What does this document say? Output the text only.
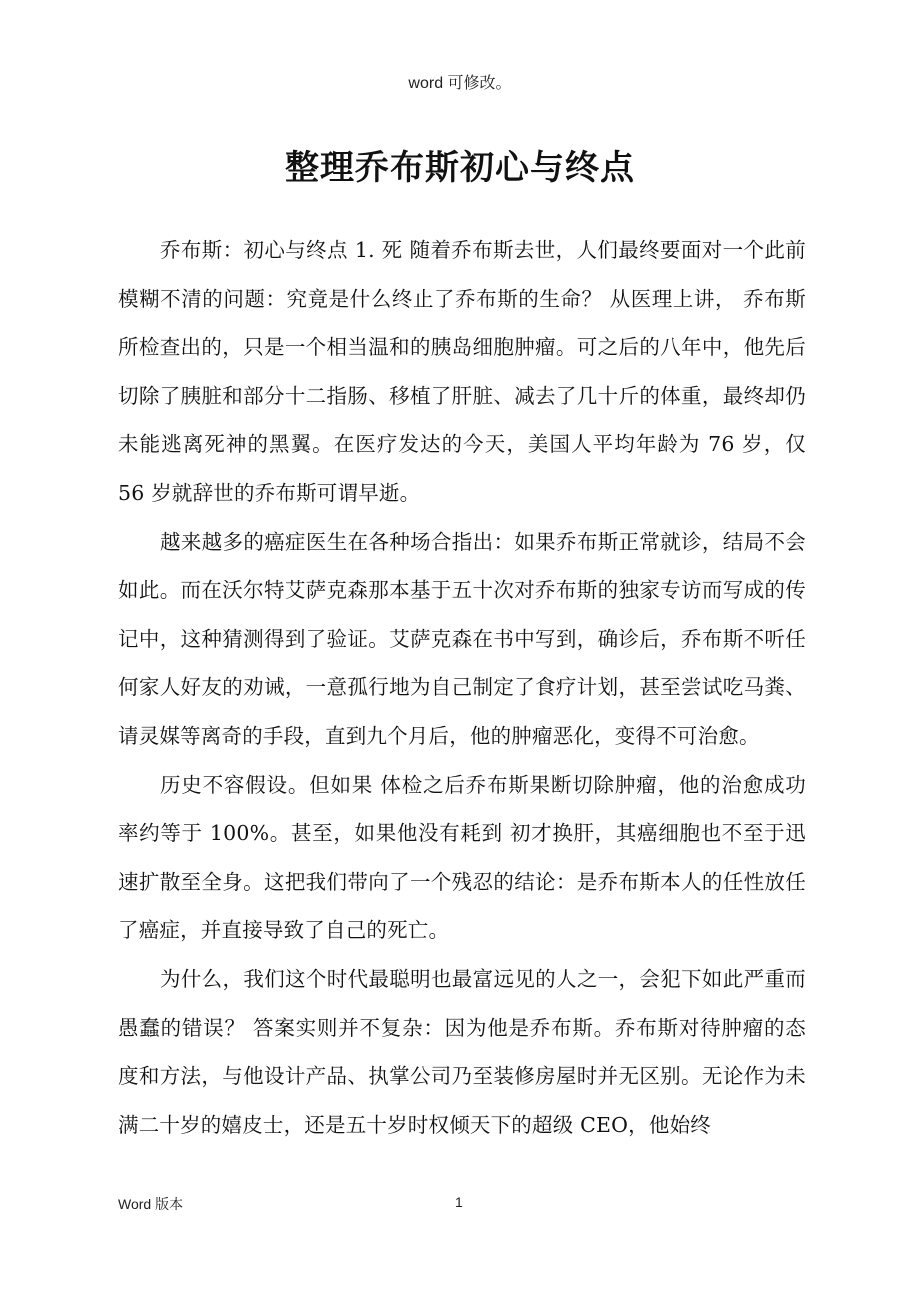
word 可修改。
整理乔布斯初心与终点

乔布斯：初心与终点 1. 死 随着乔布斯去世，人们最终要面对一个此前模糊不清的问题：究竟是什么终止了乔布斯的生命？ 从医理上讲， 乔布斯所检查出的，只是一个相当温和的胰岛细胞肿瘤。可之后的八年中，他先后切除了胰脏和部分十二指肠、移植了肝脏、减去了几十斤的体重，最终却仍未能逃离死神的黑翼。在医疗发达的今天，美国人平均年龄为 76 岁，仅 56 岁就辞世的乔布斯可谓早逝。

越来越多的癌症医生在各种场合指出：如果乔布斯正常就诊，结局不会如此。而在沃尔特艾萨克森那本基于五十次对乔布斯的独家专访而写成的传记中，这种猜测得到了验证。艾萨克森在书中写到，确诊后，乔布斯不听任何家人好友的劝诫，一意孤行地为自己制定了食疗计划，甚至尝试吃马粪、请灵媒等离奇的手段，直到九个月后，他的肿瘤恶化，变得不可治愈。

历史不容假设。但如果 体检之后乔布斯果断切除肿瘤，他的治愈成功率约等于 100%。甚至，如果他没有耗到 初才换肝，其癌细胞也不至于迅速扩散至全身。这把我们带向了一个残忍的结论：是乔布斯本人的任性放任了癌症，并直接导致了自己的死亡。

为什么，我们这个时代最聪明也最富远见的人之一，会犯下如此严重而愚蠢的错误？ 答案实则并不复杂：因为他是乔布斯。乔布斯对待肿瘤的态度和方法，与他设计产品、执掌公司乃至装修房屋时并无区别。无论作为未满二十岁的嬉皮士，还是五十岁时权倾天下的超级 CEO，他始终

Word 版本	1
